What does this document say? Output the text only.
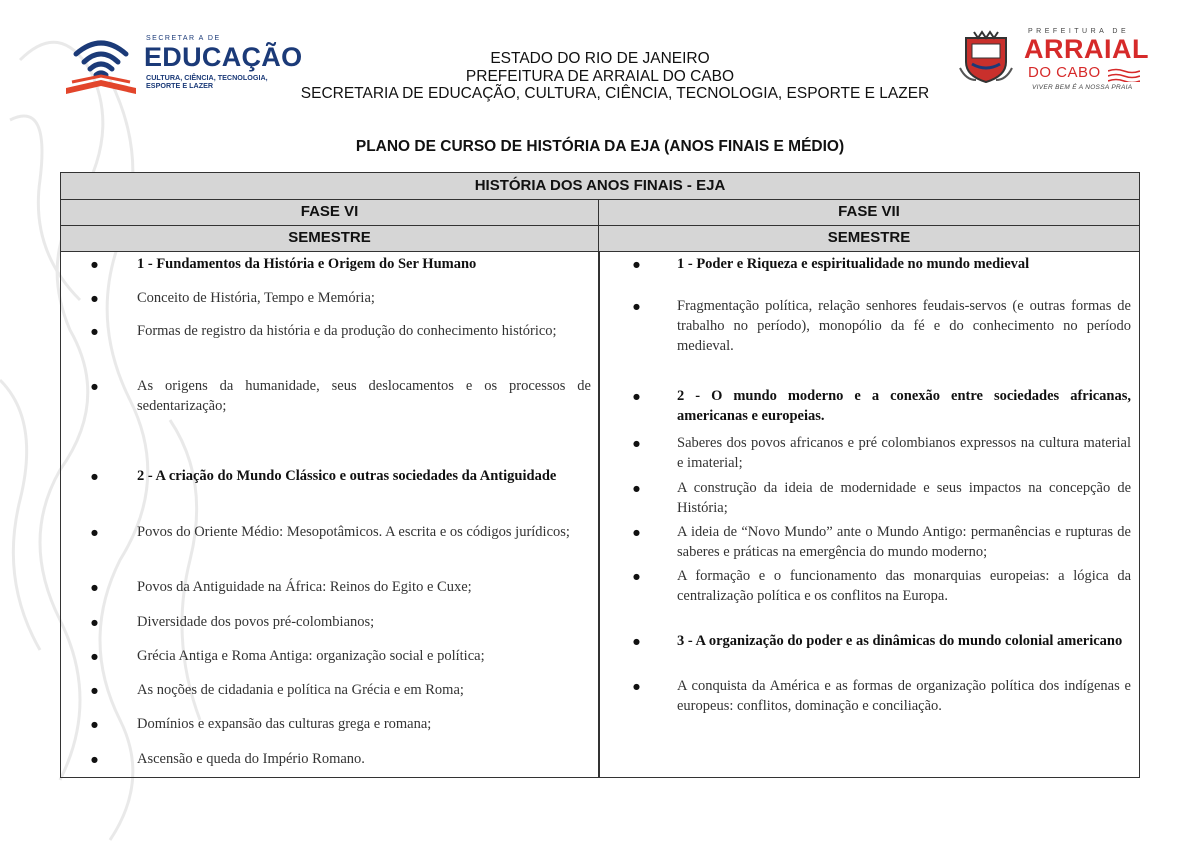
SECRETAR A DE
EDUCAÇÃO
CULTURA, CIÊNCIA, TECNOLOGIA,
ESPORTE E LAZER
PREFEITURA DE
ARRAIAL
DO CABO
VIVER BEM É A NOSSA PRAIA
ESTADO DO RIO DE JANEIRO
PREFEITURA DE ARRAIAL DO CABO
SECRETARIA DE EDUCAÇÃO, CULTURA, CIÊNCIA, TECNOLOGIA, ESPORTE E LAZER
PLANO DE CURSO DE HISTÓRIA DA EJA (ANOS FINAIS E MÉDIO)
HISTÓRIA DOS ANOS FINAIS - EJA
FASE VI	FASE VII
SEMESTRE	SEMESTRE
●	1 - Fundamentos da História e Origem do Ser Humano
●	Conceito de História, Tempo e Memória;
●	Formas de registro da história e da produção do conhecimento histórico;
●	As origens da humanidade, seus deslocamentos e os processos de sedentarização;
●	2 - A criação do Mundo Clássico e outras sociedades da Antiguidade
●	Povos do Oriente Médio: Mesopotâmicos. A escrita e os códigos jurídicos;
●	Povos da Antiguidade na África: Reinos do Egito e Cuxe;
●	Diversidade dos povos pré-colombianos;
●	Grécia Antiga e Roma Antiga: organização social e política;
●	As noções de cidadania e política na Grécia e em Roma;
●	Domínios e expansão das culturas grega e romana;
●	Ascensão e queda do Império Romano.
●	1 - Poder e Riqueza e espiritualidade no mundo medieval
●	Fragmentação política, relação senhores feudais-servos (e outras formas de trabalho no período), monopólio da fé e do conhecimento no período medieval.
●	2 - O mundo moderno e a conexão entre sociedades africanas, americanas e europeias.
●	Saberes dos povos africanos e pré colombianos expressos na cultura material e imaterial;
●	A construção da ideia de modernidade e seus impactos na concepção de História;
●	A ideia de “Novo Mundo” ante o Mundo Antigo: permanências e rupturas de saberes e práticas na emergência do mundo moderno;
●	A formação e o funcionamento das monarquias europeias: a lógica da centralização política e os conflitos na Europa.
●	3 - A organização do poder e as dinâmicas do mundo colonial americano
●	A conquista da América e as formas de organização política dos indígenas e europeus: conflitos, dominação e conciliação.
